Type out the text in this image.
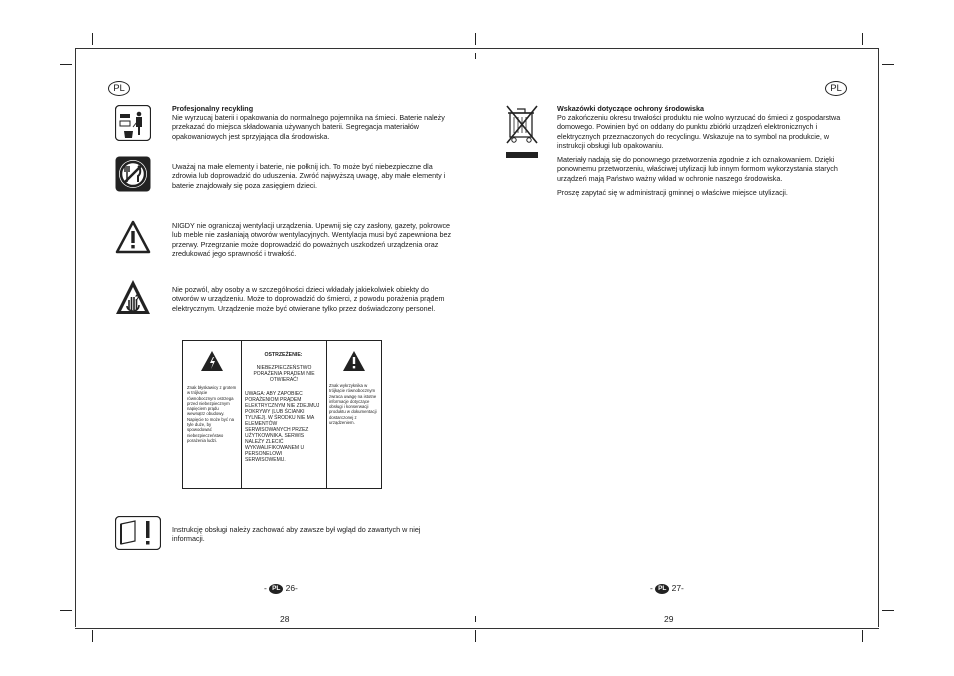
PL
Profesjonalny recykling
Nie wyrzucaj baterii i opakowania do normalnego pojemnika na śmieci. Baterie należy przekazać do miejsca składowania używanych baterii. Segregacja materiałów opakowaniowych jest sprzyjająca dla środowiska.
Uważaj na małe elementy i baterie, nie połknij ich. To może być niebezpieczne dla zdrowia lub doprowadzić do uduszenia. Zwróć najwyższą uwagę, aby małe elementy i baterie znajdowały się poza zasięgiem dzieci.
NIGDY nie ograniczaj wentylacji urządzenia. Upewnij się czy zasłony, gazety, pokrowce lub meble nie zasłaniają otworów wentylacyjnych. Wentylacja musi być zapewniona bez przerwy. Przegrzanie może doprowadzić do poważnych uszkodzeń urządzenia oraz zredukować jego sprawność i trwałość.
Nie pozwól, aby osoby a w szczególności dzieci wkładały jakiekolwiek obiekty do otworów w urządzeniu. Może to doprowadzić do śmierci, z powodu porażenia prądem elektrycznym. Urządzenie może być otwierane tylko przez doświadczony personel.
Znak błyskawicy z grotem w trójkącie równobocznym ostrzega przed niebezpiecznym napięciem prądu wewnątrz obudowy. Napięcie to może być na tyle duże, by spowodować niebezpieczeństwo porażenia ludzi.
OSTRZEŻENIE:
NIEBEZPIECZEŃSTWO PORAŻENIA PRĄDEM NIE OTWIERAĆ!
UWAGA: ABY ZAPOBIEC PORAŻENIOM PRĄDEM ELEKTRYCZNYM NIE ZDEJMUJ POKRYWY (LUB ŚCIANKI TYLNEJ). W ŚRODKU NIE MA ELEMENTÓW SERWISOWANYCH PRZEZ UŻYTKOWNIKA. SERWIS NALEŻY ZLECIĆ WYKWALIFIKOWANEM U PERSONELOWI SERWISOWEMU.
Znak wykrzyknika w trójkącie równobocznym zwraca uwagę na istotne informacje dotyczące obsługi i konserwacji produktu w dokumentacji dostarczonej z urządzeniem.
Instrukcję obsługi należy zachować aby zawsze był wgląd do zawartych w niej informacji.
- PL 26-
28
PL
Wskazówki dotyczące ochrony środowiska
Po zakończeniu okresu trwałości produktu nie wolno wyrzucać do śmieci z gospodarstwa domowego. Powinien być on oddany do punktu zbiórki urządzeń elektronicznych i elektrycznych przeznaczonych do recyclingu. Wskazuje na to symbol na produkcie, w instrukcji obsługi lub opakowaniu.
Materiały nadają się do ponownego przetworzenia zgodnie z ich oznakowaniem. Dzięki ponownemu przetworzeniu, właściwej utylizacji lub innym formom wykorzystania starych urządzeń mają Państwo ważny wkład w ochronie naszego środowiska.
Proszę zapytać się w administracji gminnej o właściwe miejsce utylizacji.
- PL 27-
29
